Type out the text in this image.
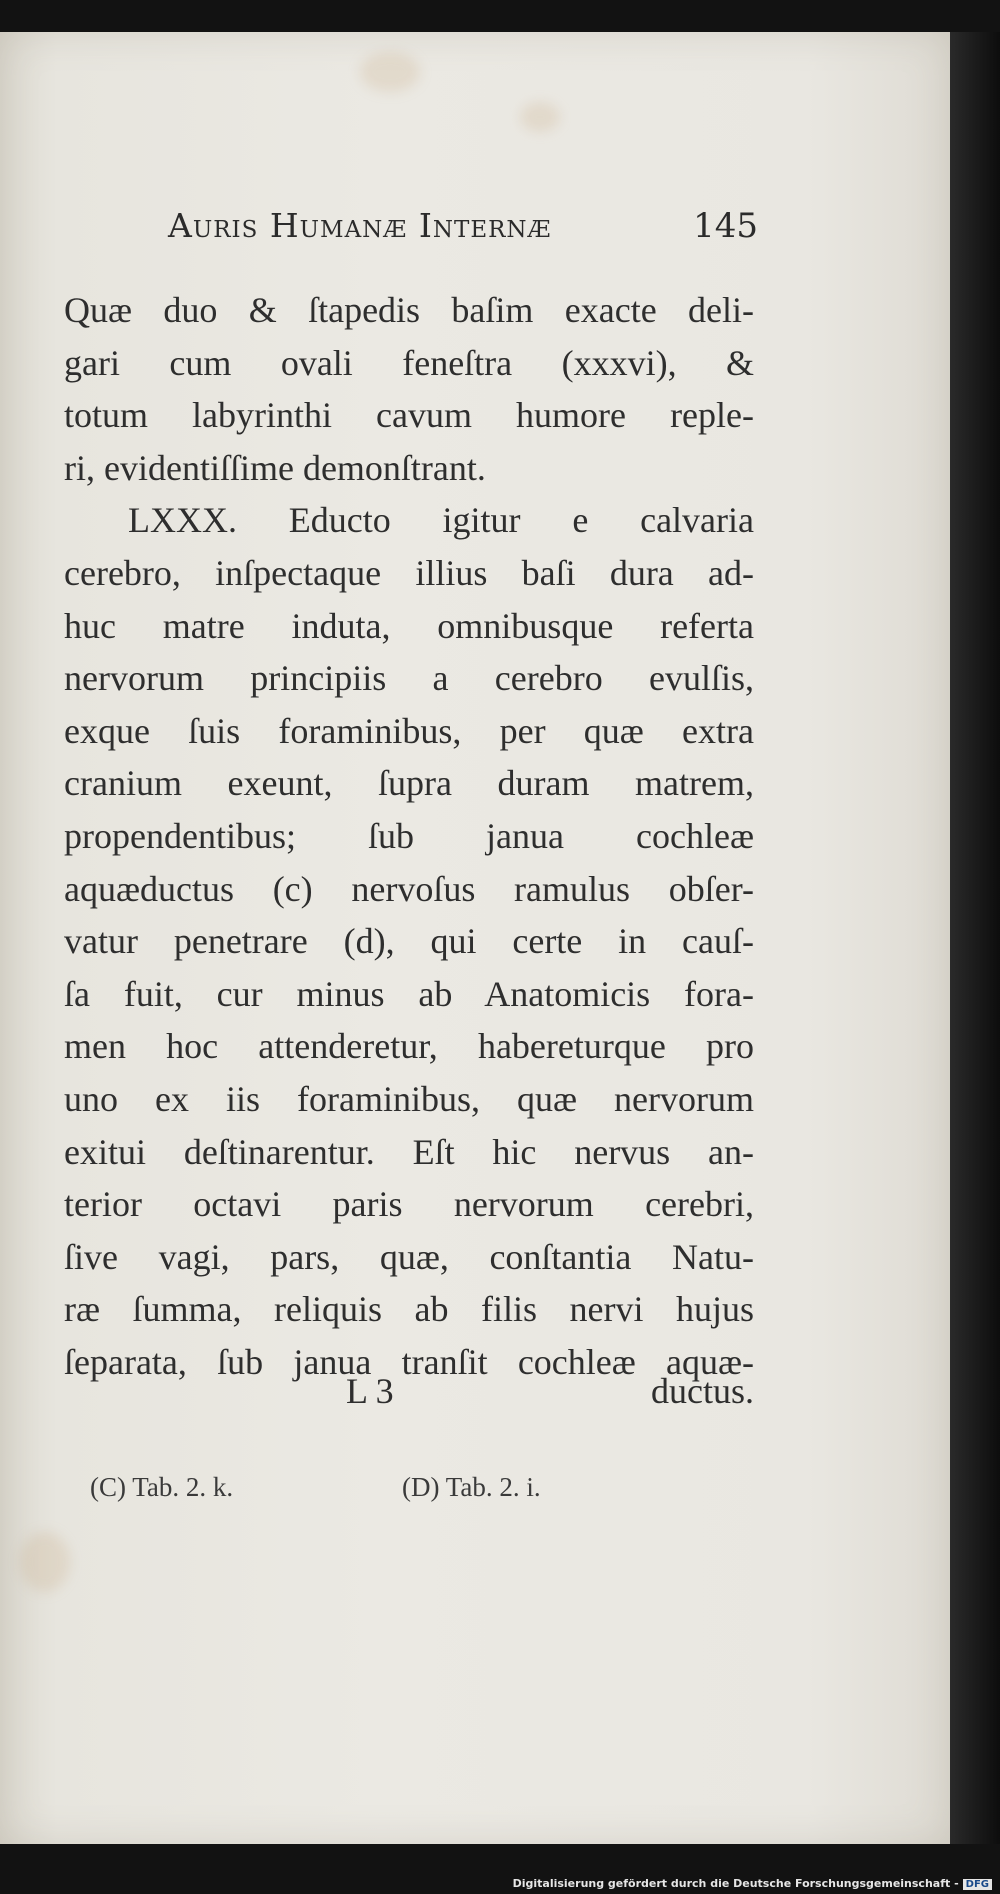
Auris Humanæ Internæ	145
Quæ duo & ſtapedis baſim exacte deli-
gari cum ovali feneſtra (xxxvi), &
totum labyrinthi cavum humore reple-
ri, evidentiſſime demonſtrant.
LXXX. Educto igitur e calvaria
cerebro, inſpectaque illius baſi dura ad-
huc matre induta, omnibusque referta
nervorum principiis a cerebro evulſis,
exque ſuis foraminibus, per quæ extra
cranium exeunt, ſupra duram matrem,
propendentibus; ſub janua cochleæ
aquæductus (c) nervoſus ramulus obſer-
vatur penetrare (d), qui certe in cauſ-
ſa fuit, cur minus ab Anatomicis fora-
men hoc attenderetur, habereturque pro
uno ex iis foraminibus, quæ nervorum
exitui deſtinarentur. Eſt hic nervus an-
terior octavi paris nervorum cerebri,
ſive vagi, pars, quæ, conſtantia Natu-
ræ ſumma, reliquis ab filis nervi hujus
ſeparata, ſub janua tranſit cochleæ aquæ-
L 3	ductus.
(C) Tab. 2. k.	(D) Tab. 2. i.
Digitalisierung gefördert durch die Deutsche Forschungsgemeinschaft - DFG
